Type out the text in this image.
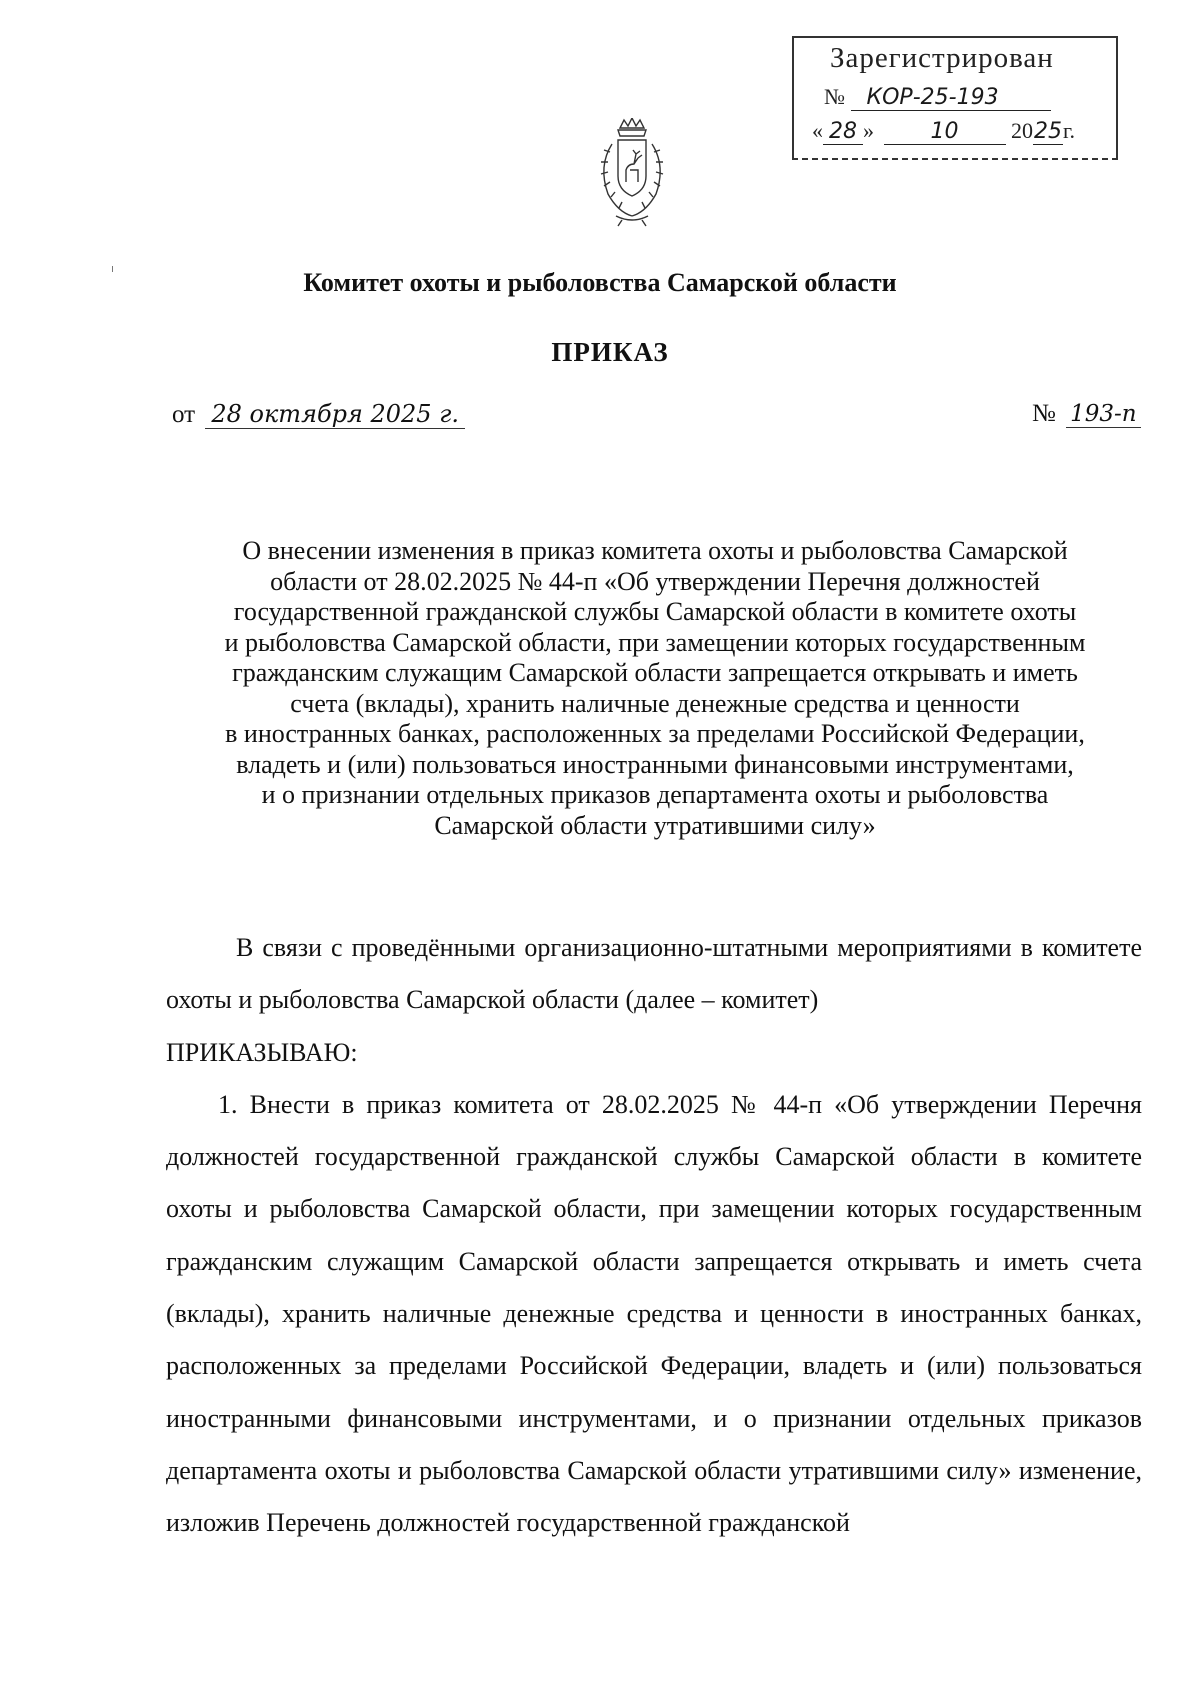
Зарегистрирован
№ КОР-25-193
« 28 »	10 2025г.
Комитет охоты и рыболовства Самарской области
ПРИКАЗ
от 28 октября 2025 г.	№ 193-п
О внесении изменения в приказ комитета охоты и рыболовства Самарской
области от 28.02.2025 № 44-п «Об утверждении Перечня должностей
государственной гражданской службы Самарской области в комитете охоты
и рыболовства Самарской области, при замещении которых государственным
гражданским служащим Самарской области запрещается открывать и иметь
счета (вклады), хранить наличные денежные средства и ценности
в иностранных банках, расположенных за пределами Российской Федерации,
владеть и (или) пользоваться иностранными финансовыми инструментами,
и о признании отдельных приказов департамента охоты и рыболовства
Самарской области утратившими силу»

В связи с проведёнными организационно-штатными мероприятиями в комитете охоты и рыболовства Самарской области (далее – комитет)
ПРИКАЗЫВАЮ:

1. Внести в приказ комитета от 28.02.2025 № 44-п «Об утверждении Перечня должностей государственной гражданской службы Самарской области в комитете охоты и рыболовства Самарской области, при замещении которых государственным гражданским служащим Самарской области запрещается открывать и иметь счета (вклады), хранить наличные денежные средства и ценности в иностранных банках, расположенных за пределами Российской Федерации, владеть и (или) пользоваться иностранными финансовыми инструментами, и о признании отдельных приказов департамента охоты и рыболовства Самарской области утратившими силу» изменение, изложив Перечень должностей государственной гражданской
